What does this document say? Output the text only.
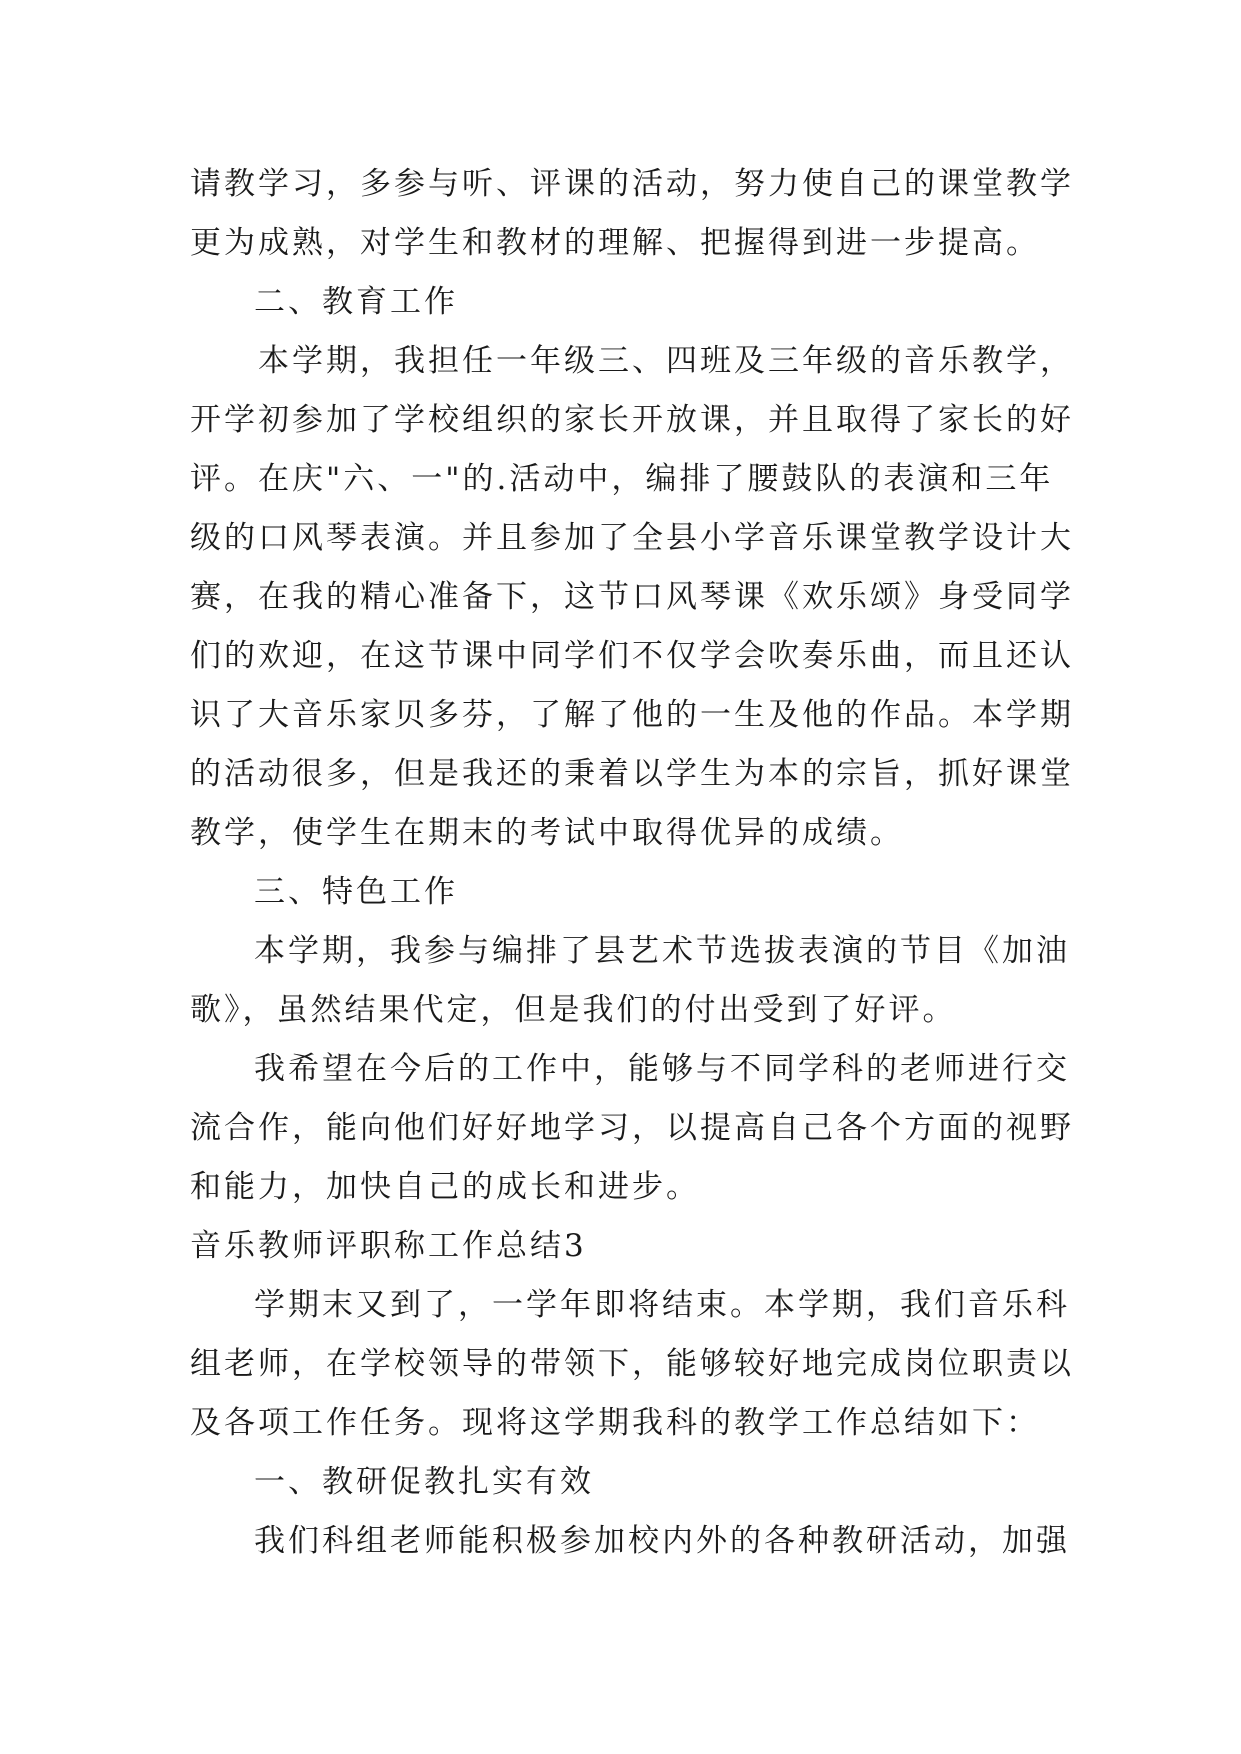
请教学习，多参与听、评课的活动，努力使自己的课堂教学
更为成熟，对学生和教材的理解、把握得到进一步提高。
二、教育工作
本学期，我担任一年级三、四班及三年级的音乐教学，
开学初参加了学校组织的家长开放课，并且取得了家长的好
评。在庆"六、一"的.活动中，编排了腰鼓队的表演和三年
级的口风琴表演。并且参加了全县小学音乐课堂教学设计大
赛，在我的精心准备下，这节口风琴课《欢乐颂》身受同学
们的欢迎，在这节课中同学们不仅学会吹奏乐曲，而且还认
识了大音乐家贝多芬，了解了他的一生及他的作品。本学期
的活动很多，但是我还的秉着以学生为本的宗旨，抓好课堂
教学，使学生在期末的考试中取得优异的成绩。
三、特色工作
本学期，我参与编排了县艺术节选拔表演的节目《加油
歌》，虽然结果代定，但是我们的付出受到了好评。
我希望在今后的工作中，能够与不同学科的老师进行交
流合作，能向他们好好地学习，以提高自己各个方面的视野
和能力，加快自己的成长和进步。
音乐教师评职称工作总结3
学期末又到了，一学年即将结束。本学期，我们音乐科
组老师，在学校领导的带领下，能够较好地完成岗位职责以
及各项工作任务。现将这学期我科的教学工作总结如下：
一、教研促教扎实有效
我们科组老师能积极参加校内外的各种教研活动，加强
